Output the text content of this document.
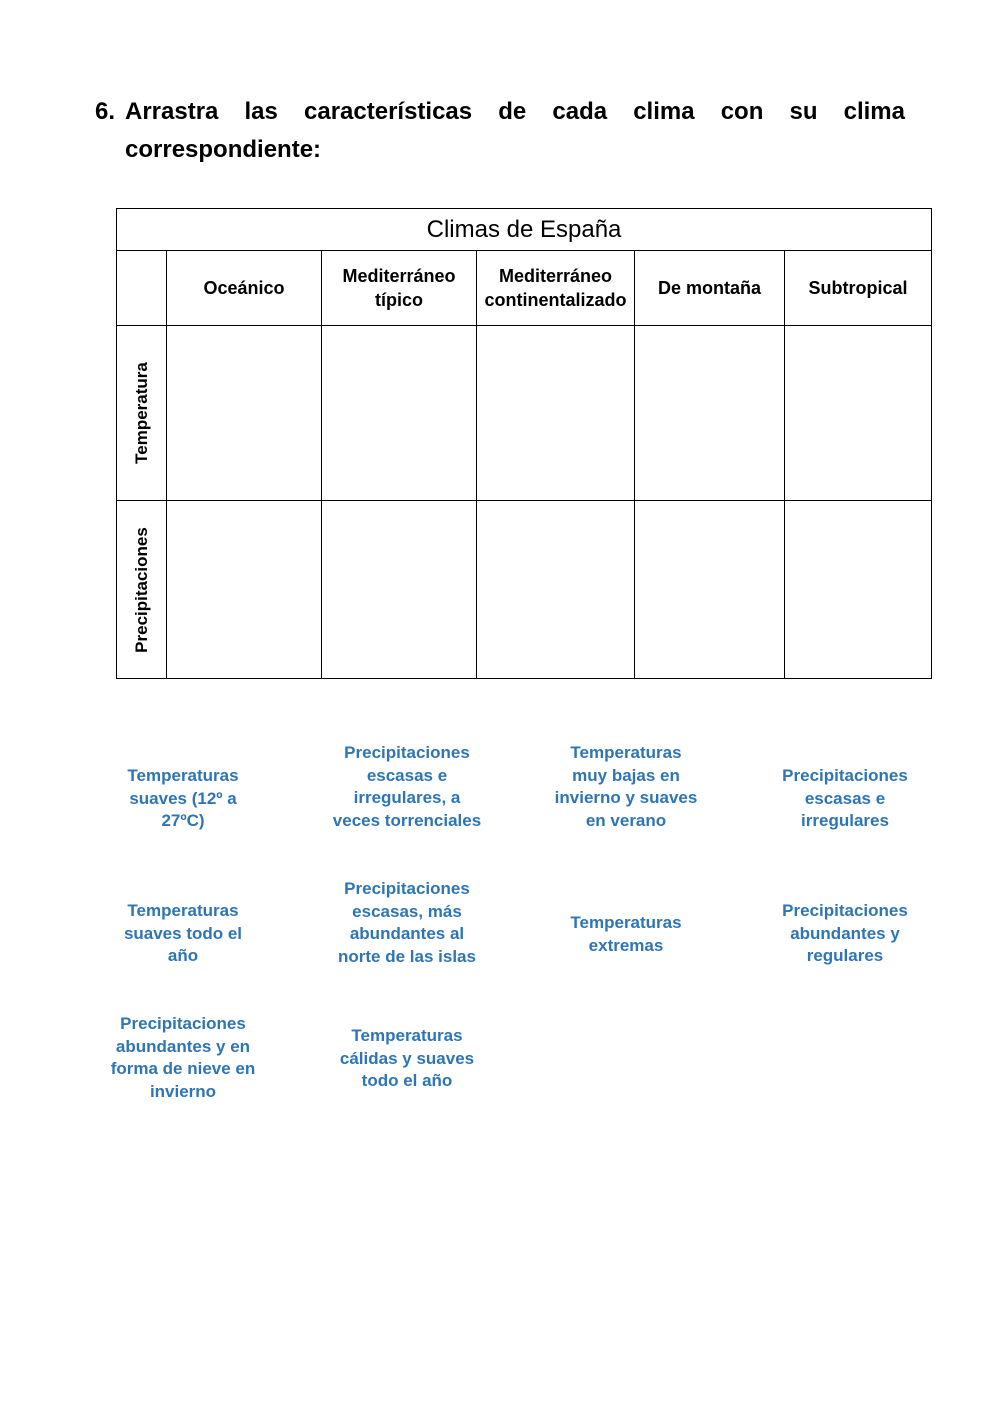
6. Arrastra las características de cada clima con su clima
correspondiente:
Climas de España					
	Oceánico	Mediterráneo típico	Mediterráneo continentalizado	De montaña	Subtropical

Temperatura					

Precipitaciones					

Temperaturas suaves (12º a 27ºC)
Precipitaciones escasas e irregulares, a veces torrenciales
Temperaturas muy bajas en invierno y suaves en verano
Precipitaciones escasas e irregulares
Temperaturas suaves todo el año
Precipitaciones escasas, más abundantes al norte de las islas
Temperaturas extremas
Precipitaciones abundantes y regulares
Precipitaciones abundantes y en forma de nieve en invierno
Temperaturas cálidas y suaves todo el año
